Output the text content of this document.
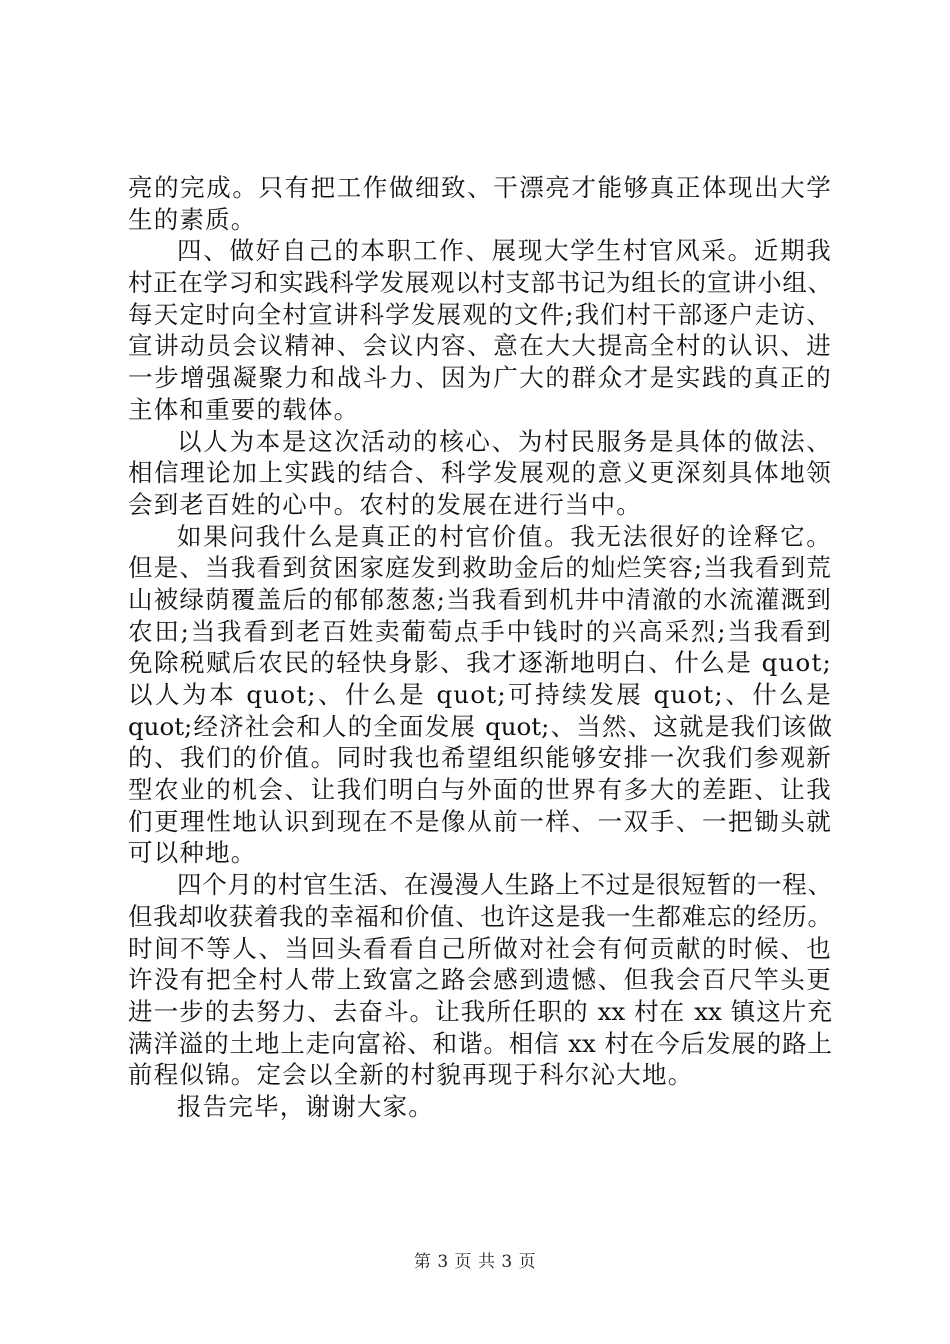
亮的完成。只有把工作做细致、干漂亮才能够真正体现出大学
生的素质。
四、做好自己的本职工作、展现大学生村官风采。近期我
村正在学习和实践科学发展观以村支部书记为组长的宣讲小组、
每天定时向全村宣讲科学发展观的文件;我们村干部逐户走访、
宣讲动员会议精神、会议内容、意在大大提高全村的认识、进
一步增强凝聚力和战斗力、因为广大的群众才是实践的真正的
主体和重要的载体。
以人为本是这次活动的核心、为村民服务是具体的做法、
相信理论加上实践的结合、科学发展观的意义更深刻具体地领
会到老百姓的心中。农村的发展在进行当中。
如果问我什么是真正的村官价值。我无法很好的诠释它。
但是、当我看到贫困家庭发到救助金后的灿烂笑容;当我看到荒
山被绿荫覆盖后的郁郁葱葱;当我看到机井中清澈的水流灌溉到
农田;当我看到老百姓卖葡萄点手中钱时的兴高采烈;当我看到
免除税赋后农民的轻快身影、我才逐渐地明白、什么是 quot;
以人为本 quot;、什么是 quot;可持续发展 quot;、什么是
quot;经济社会和人的全面发展 quot;、当然、这就是我们该做
的、我们的价值。同时我也希望组织能够安排一次我们参观新
型农业的机会、让我们明白与外面的世界有多大的差距、让我
们更理性地认识到现在不是像从前一样、一双手、一把锄头就
可以种地。
四个月的村官生活、在漫漫人生路上不过是很短暂的一程、
但我却收获着我的幸福和价值、也许这是我一生都难忘的经历。
时间不等人、当回头看看自己所做对社会有何贡献的时候、也
许没有把全村人带上致富之路会感到遗憾、但我会百尺竿头更
进一步的去努力、去奋斗。让我所任职的 xx 村在 xx 镇这片充
满洋溢的土地上走向富裕、和谐。相信 xx 村在今后发展的路上
前程似锦。定会以全新的村貌再现于科尔沁大地。
报告完毕，谢谢大家。
第 3 页 共 3 页
